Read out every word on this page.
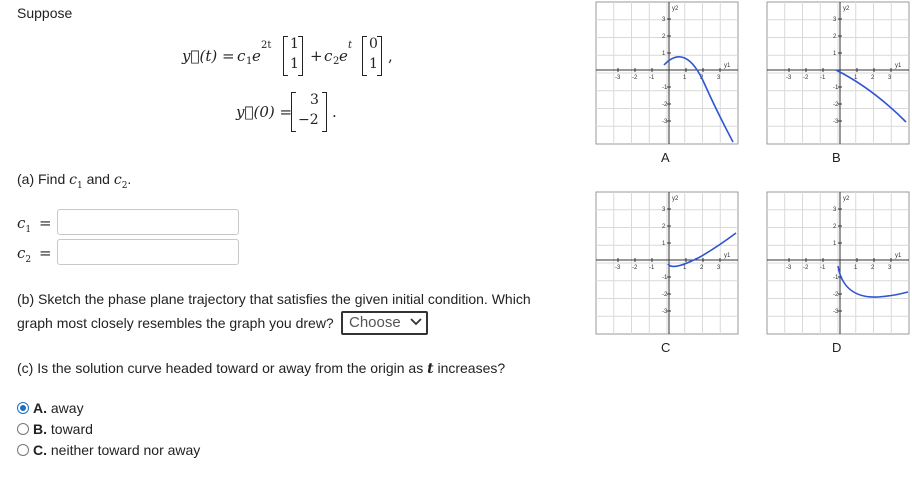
Suppose
y⃗(t) = c 1 e
2t 1
1 + c 2 e
t 0
1 ,
y⃗(0) =
3
−2 .
(a) Find $c_1$ and $c_2$.
$c_1$ =
$c_2$ =
(b) Sketch the phase plane trajectory that satisfies the given initial condition. Which
graph most closely resembles the graph you drew?	Choose
(c) Is the solution curve headed toward or away from the origin as t increases?
A. away
B. toward
C. neither toward nor away
-3 -2 -1	1 2 3
3
2
1
-1
-2
-3
y1
y2
-3 -2 -1	1 2 3
3
2
1
-1
-2
-3
y1
y2
-3 -2 -1	1 2 3
3
2
1
-1
-2
-3
y1
y2
-3 -2 -1	1 2 3
3
2
1
-1
-2
-3
y1
y2
A	B
C	D
